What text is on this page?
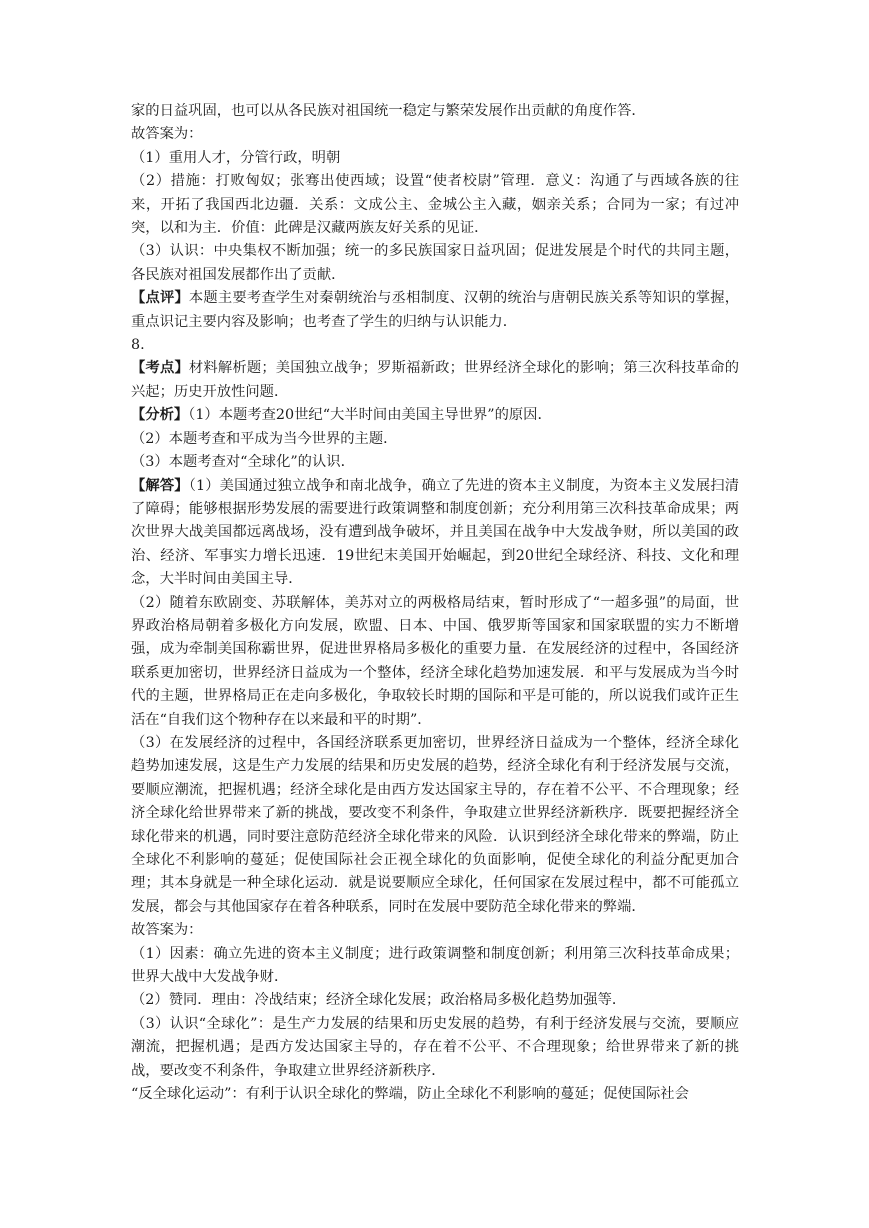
家的日益巩固，也可以从各民族对祖国统一稳定与繁荣发展作出贡献的角度作答．
故答案为：
（1）重用人才，分管行政，明朝
（2）措施：打败匈奴；张骞出使西域；设置“使者校尉”管理．意义：沟通了与西域各族的往来，开拓了我国西北边疆．关系：文成公主、金城公主入藏，姻亲关系；合同为一家；有过冲突，以和为主．价值：此碑是汉藏两族友好关系的见证．
（3）认识：中央集权不断加强；统一的多民族国家日益巩固；促进发展是个时代的共同主题，各民族对祖国发展都作出了贡献．
【点评】本题主要考查学生对秦朝统治与丞相制度、汉朝的统治与唐朝民族关系等知识的掌握，重点识记主要内容及影响；也考查了学生的归纳与认识能力．
8.
【考点】材料解析题；美国独立战争；罗斯福新政；世界经济全球化的影响；第三次科技革命的兴起；历史开放性问题．
【分析】（1）本题考查20世纪“大半时间由美国主导世界”的原因．
（2）本题考查和平成为当今世界的主题．
（3）本题考查对“全球化”的认识．
【解答】（1）美国通过独立战争和南北战争，确立了先进的资本主义制度，为资本主义发展扫清了障碍；能够根据形势发展的需要进行政策调整和制度创新；充分利用第三次科技革命成果；两次世界大战美国都远离战场，没有遭到战争破坏，并且美国在战争中大发战争财，所以美国的政治、经济、军事实力增长迅速．19世纪末美国开始崛起，到20世纪全球经济、科技、文化和理念，大半时间由美国主导．
（2）随着东欧剧变、苏联解体，美苏对立的两极格局结束，暂时形成了“一超多强”的局面，世界政治格局朝着多极化方向发展，欧盟、日本、中国、俄罗斯等国家和国家联盟的实力不断增强，成为牵制美国称霸世界，促进世界格局多极化的重要力量．在发展经济的过程中，各国经济联系更加密切，世界经济日益成为一个整体，经济全球化趋势加速发展．和平与发展成为当今时代的主题，世界格局正在走向多极化，争取较长时期的国际和平是可能的，所以说我们或许正生活在“自我们这个物种存在以来最和平的时期”．
（3）在发展经济的过程中，各国经济联系更加密切，世界经济日益成为一个整体，经济全球化趋势加速发展，这是生产力发展的结果和历史发展的趋势，经济全球化有利于经济发展与交流，要顺应潮流，把握机遇；经济全球化是由西方发达国家主导的，存在着不公平、不合理现象；经济全球化给世界带来了新的挑战，要改变不利条件，争取建立世界经济新秩序．既要把握经济全球化带来的机遇，同时要注意防范经济全球化带来的风险．认识到经济全球化带来的弊端，防止全球化不利影响的蔓延；促使国际社会正视全球化的负面影响，促使全球化的利益分配更加合理；其本身就是一种全球化运动．就是说要顺应全球化，任何国家在发展过程中，都不可能孤立发展，都会与其他国家存在着各种联系，同时在发展中要防范全球化带来的弊端．
故答案为：
（1）因素：确立先进的资本主义制度；进行政策调整和制度创新；利用第三次科技革命成果；世界大战中大发战争财．
（2）赞同．理由：冷战结束；经济全球化发展；政治格局多极化趋势加强等．
（3）认识“全球化”：是生产力发展的结果和历史发展的趋势，有利于经济发展与交流，要顺应潮流，把握机遇；是西方发达国家主导的，存在着不公平、不合理现象；给世界带来了新的挑战，要改变不利条件，争取建立世界经济新秩序．
“反全球化运动”：有利于认识全球化的弊端，防止全球化不利影响的蔓延；促使国际社会
